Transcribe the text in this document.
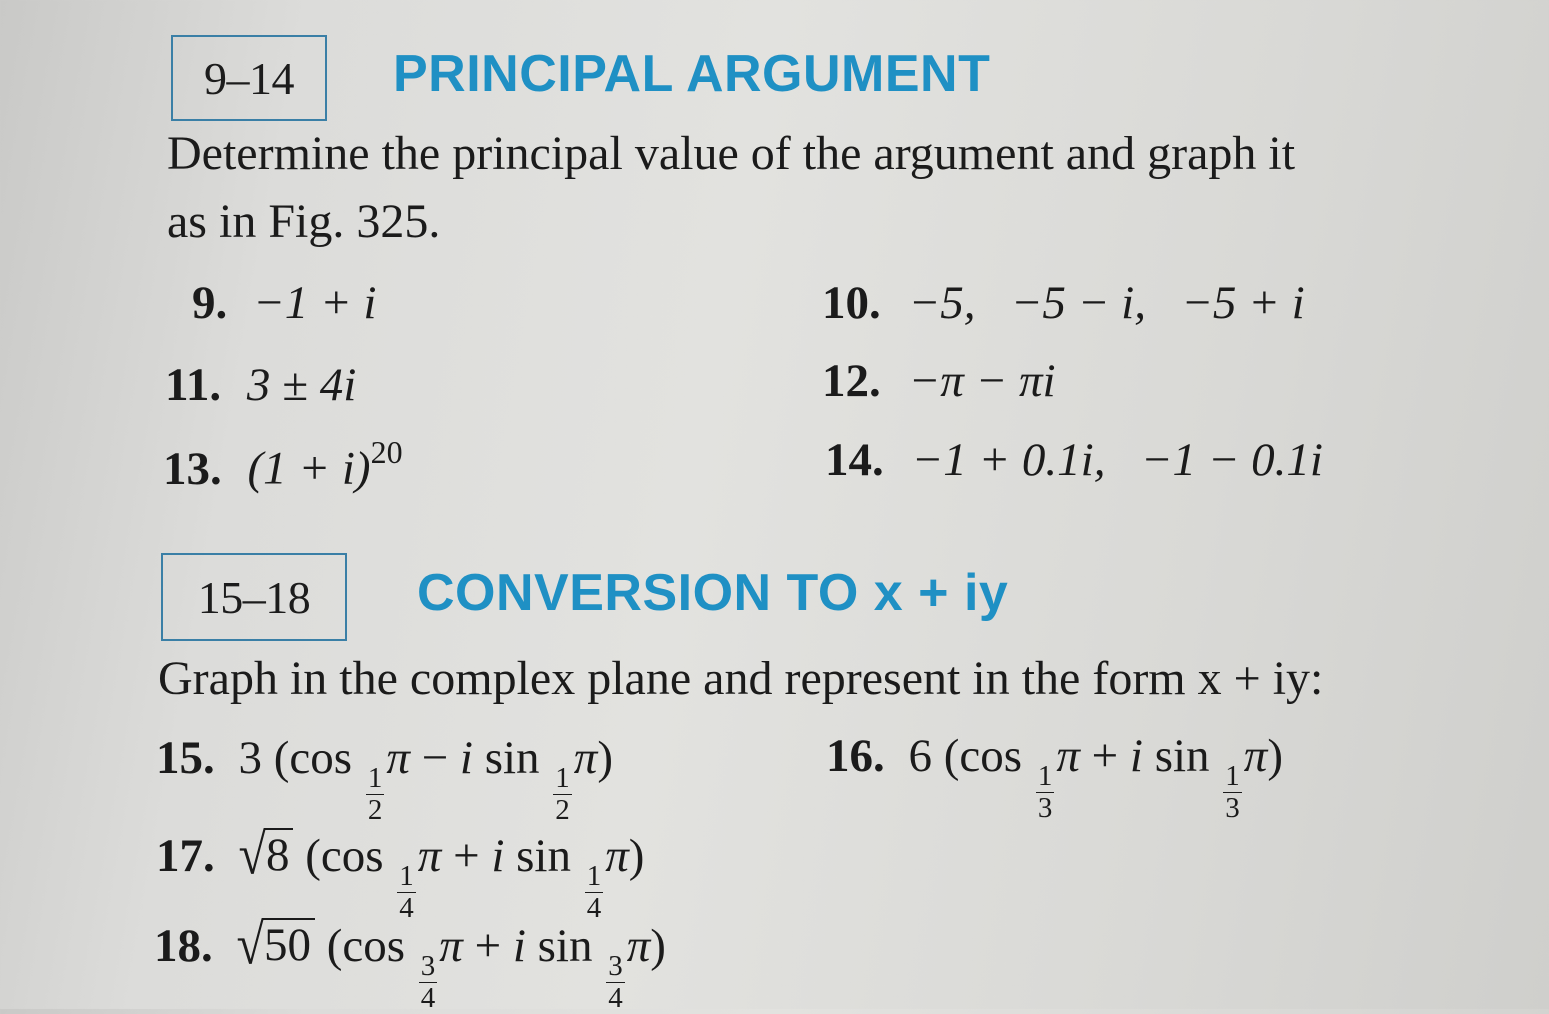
9–14 PRINCIPAL ARGUMENT
Determine the principal value of the argument and graph it
as in Fig. 325.
9. −1 + i	10. −5,   −5 − i,   −5 + i
11. 3 ± 4i	12. −π − πi
13. $(1 + i)^{20}$	14. −1 + 0.1i,   −1 − 0.1i
15–18 CONVERSION TO x + iy
Graph in the complex plane and represent in the form x + iy:
15. 3 (cos
$\frac{1}{2}$
π − i sin
$\frac{1}{2}$
π)	16. 6 (cos
$\frac{1}{3}$
π + i sin
$\frac{1}{3}$
π)
17. √ 8 (cos
$\frac{1}{4}$
π + i sin
$\frac{1}{4}$
π)
18. √ 50 (cos
$\frac{3}{4}$
π + i sin
$\frac{3}{4}$
π)
